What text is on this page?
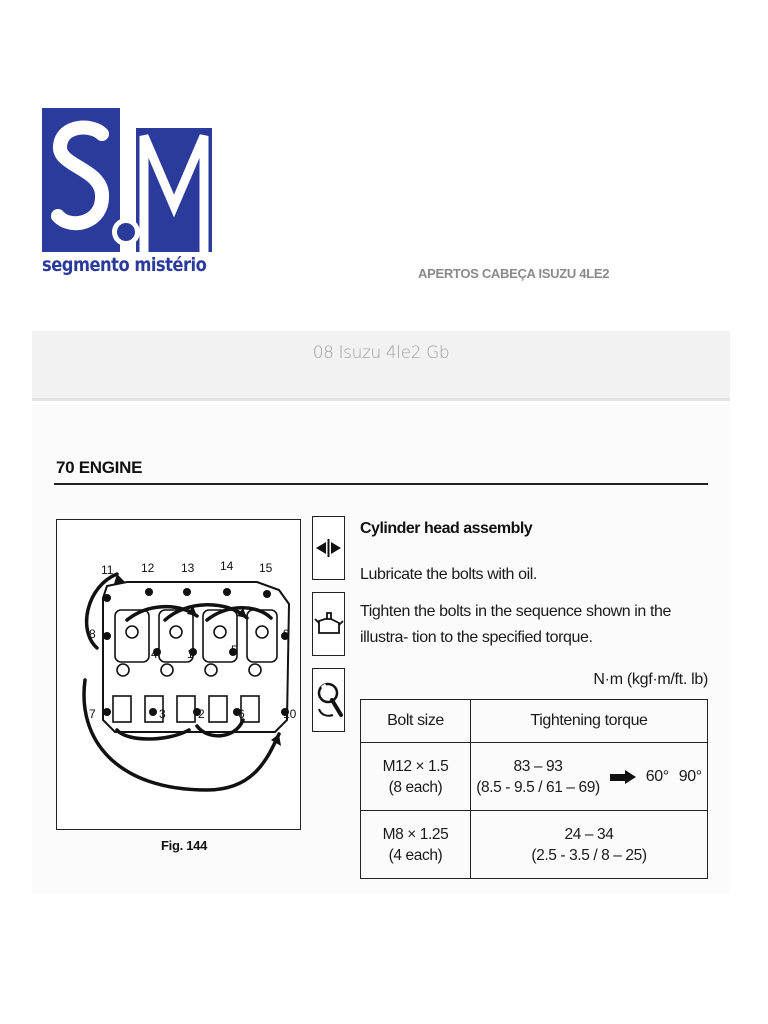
segmento mistério	APERTOS CABEÇA ISUZU 4LE2
08 Isuzu 4le2 Gb
70 ENGINE
11 12 13 14 15
8
4 1	5
9
7	3	2	6	10
Fig. 144
Cylinder head assembly
Lubricate the bolts with oil.
Tighten the bolts in the sequence shown in the illustra- tion to the specified torque.
N·m (kgf·m/ft. lb)
Bolt size	Tightening torque

M12 × 1.5
(8 each)	83 – 93
(8.5 - 9.5 / 61 – 69)
60° 90°

M8 × 1.25
(4 each)	24 – 34
(2.5 - 3.5 / 8 – 25)
